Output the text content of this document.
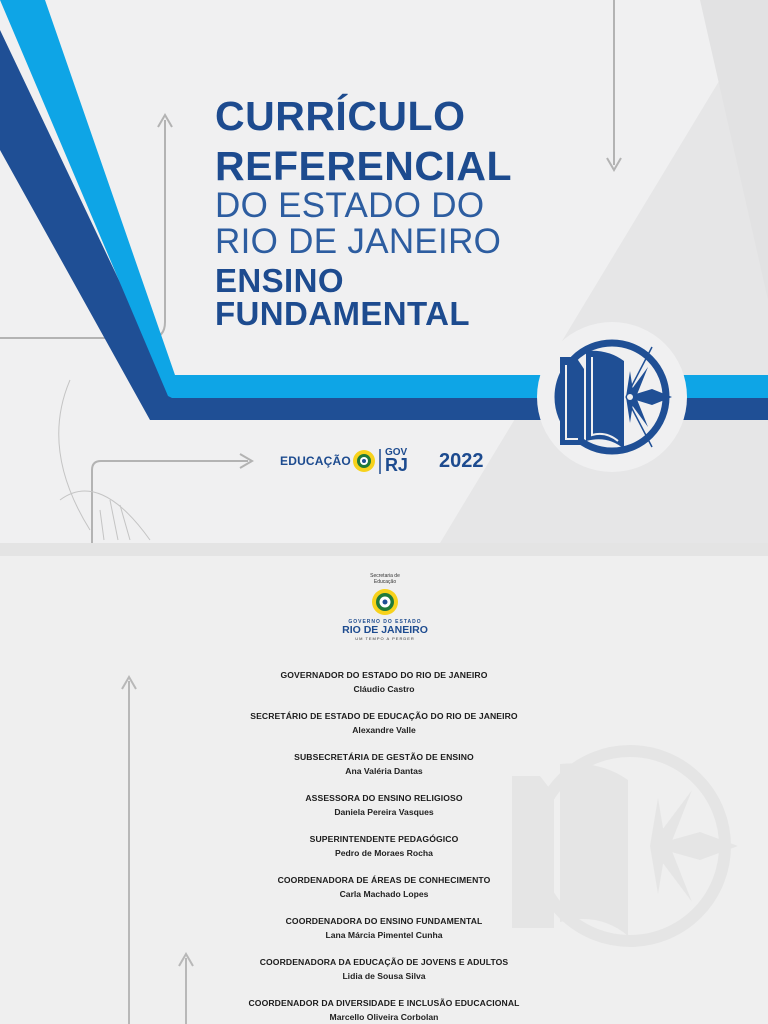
CURRÍCULO
REFERENCIAL
DO ESTADO DO
RIO DE JANEIRO
ENSINO
FUNDAMENTAL
EDUCAÇÃO
GOV
RJ 2022
Secretaria de
Educação
GOVERNO DO ESTADO
RIO DE JANEIRO
UM TEMPO A PERDER

GOVERNADOR DO ESTADO DO RIO DE JANEIRO

Cláudio Castro

SECRETÁRIO DE ESTADO DE EDUCAÇÃO DO RIO DE JANEIRO

Alexandre Valle

SUBSECRETÁRIA DE GESTÃO DE ENSINO

Ana Valéria Dantas

ASSESSORA DO ENSINO RELIGIOSO

Daniela Pereira Vasques

SUPERINTENDENTE PEDAGÓGICO

Pedro de Moraes Rocha

COORDENADORA DE ÁREAS DE CONHECIMENTO

Carla Machado Lopes

COORDENADORA DO ENSINO FUNDAMENTAL

Lana Márcia Pimentel Cunha

COORDENADORA DA EDUCAÇÃO DE JOVENS E ADULTOS

Lidia de Sousa Silva

COORDENADOR DA DIVERSIDADE E INCLUSÃO EDUCACIONAL

Marcello Oliveira Corbolan
